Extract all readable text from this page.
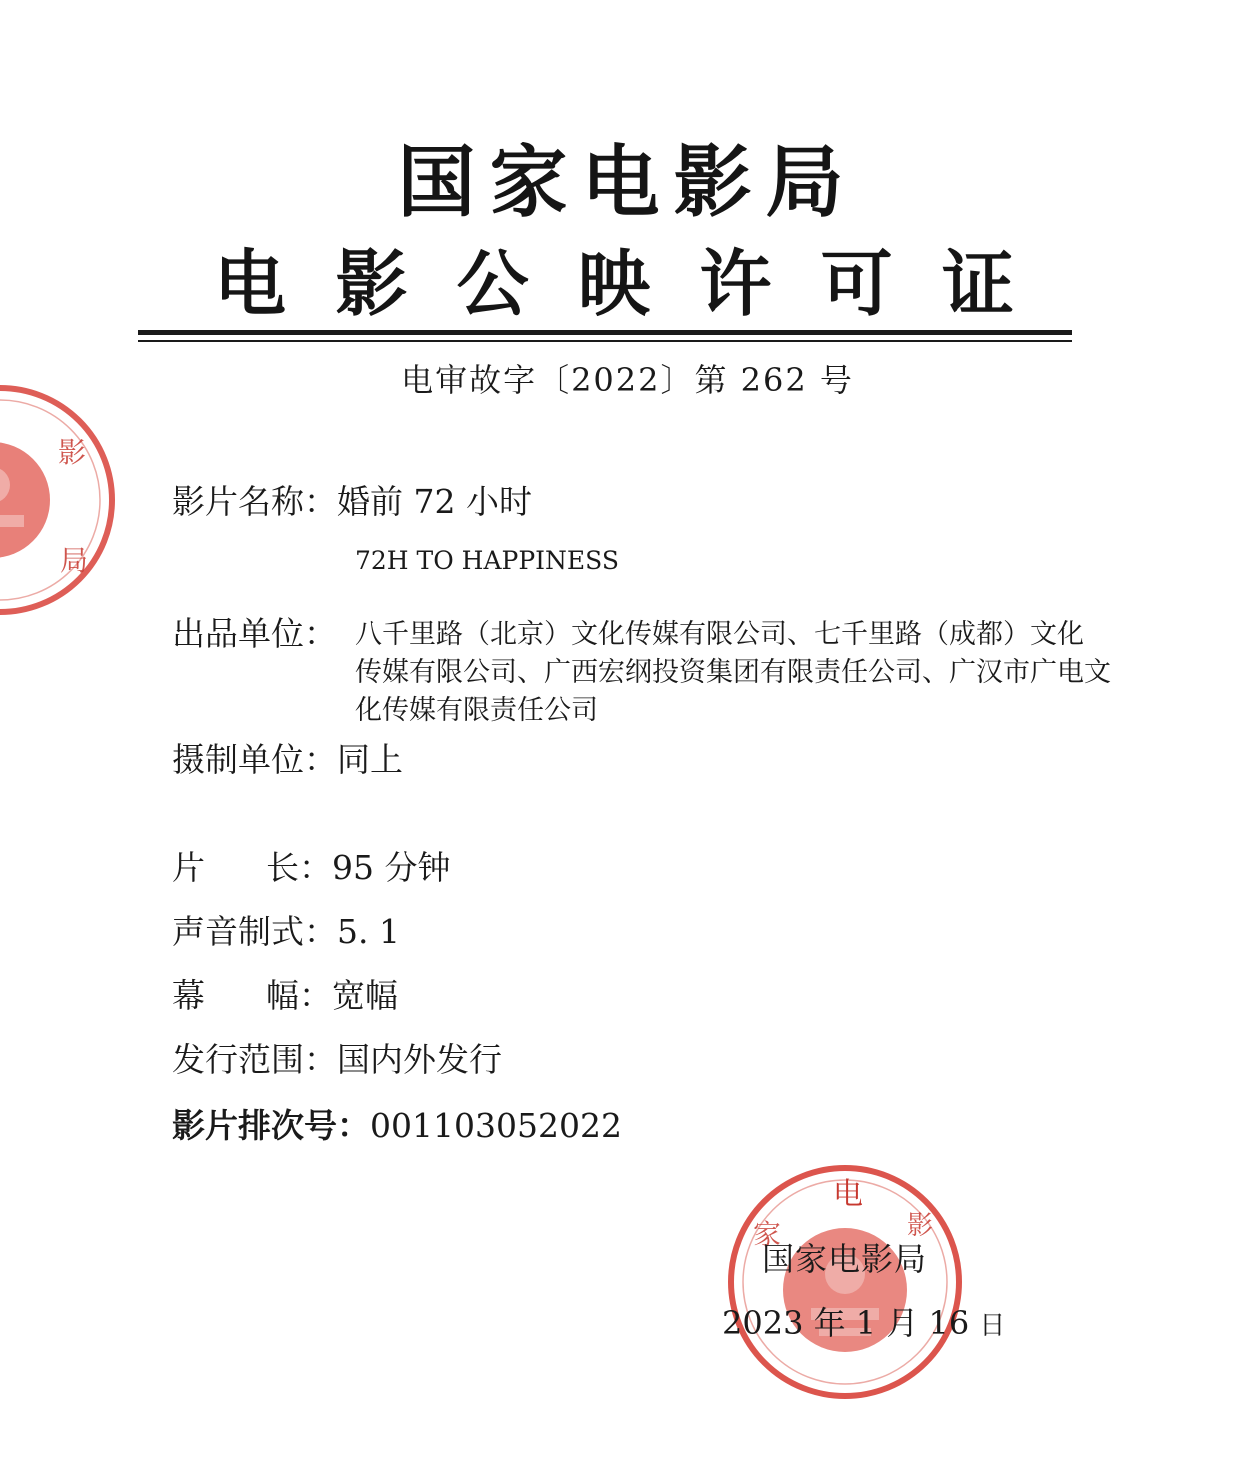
影
局
国家电影局
电 影 公 映 许 可 证
电审故字〔2022〕第 262 号
影片名称：婚前 72 小时
72H TO HAPPINESS
出品单位： 八千里路（北京）文化传媒有限公司、七千里路（成都）文化
传媒有限公司、广西宏纲投资集团有限责任公司、广汉市广电文
化传媒有限责任公司
摄制单位：同上
片 长： 95 分钟
声音制式：5. 1
幕 幅： 宽幅
发行范围：国内外发行
影片排次号：001103052022
电
家	影
国家电影局
2023 年 1 月 16 日
